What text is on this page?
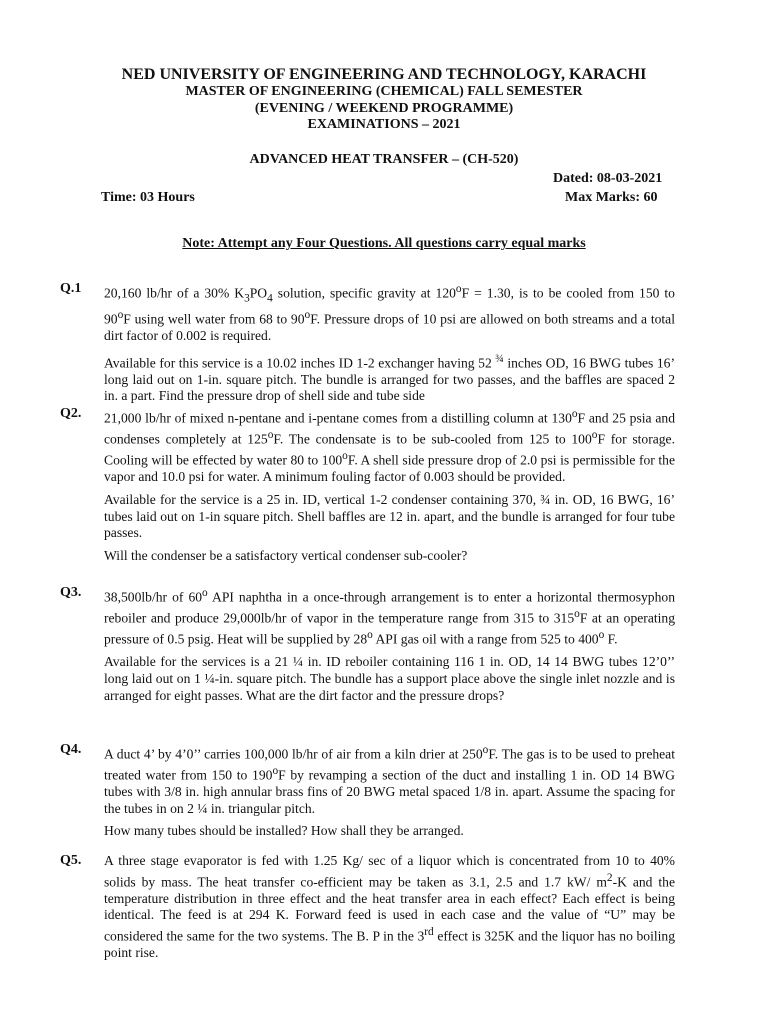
NED UNIVERSITY OF ENGINEERING AND TECHNOLOGY, KARACHI
MASTER OF ENGINEERING (CHEMICAL) FALL SEMESTER
(EVENING / WEEKEND PROGRAMME)
EXAMINATIONS – 2021
ADVANCED HEAT TRANSFER – (CH-520)
Dated: 08-03-2021
Time: 03 Hours	Max Marks: 60
Note: Attempt any Four Questions. All questions carry equal marks
Q.1 20,160 lb/hr of a 30% $K_3PO_4$ solution, specific gravity at $120^oF = 1.30$, is to be cooled from 150 to 90$^o$F using well water from 68 to 90$^o$F. Pressure drops of 10 psi are allowed on both streams and a total dirt factor of 0.002 is required.

Available for this service is a 10.02 inches ID 1-2 exchanger having 52 $^{\frac{3}{4}}$ inches OD, 16 BWG tubes 16’ long laid out on 1-in. square pitch. The bundle is arranged for two passes, and the baffles are spaced 2 in. a part. Find the pressure drop of shell side and tube side

Q2. 21,000 lb/hr of mixed n-pentane and i-pentane comes from a distilling column at 130$^o$F and 25 psia and condenses completely at 125$^o$F. The condensate is to be sub-cooled from 125 to 100$^o$F for storage. Cooling will be effected by water 80 to 100$^o$F. A shell side pressure drop of 2.0 psi is permissible for the vapor and 10.0 psi for water. A minimum fouling factor of 0.003 should be provided.

Available for the service is a 25 in. ID, vertical 1-2 condenser containing 370, ¾ in. OD, 16 BWG, 16’ tubes laid out on 1-in square pitch. Shell baffles are 12 in. apart, and the bundle is arranged for four tube passes.

Will the condenser be a satisfactory vertical condenser sub-cooler?

Q3. 38,500lb/hr of 60$^o$ API naphtha in a once-through arrangement is to enter a horizontal thermosyphon reboiler and produce 29,000lb/hr of vapor in the temperature range from 315 to 315$^o$F at an operating pressure of 0.5 psig. Heat will be supplied by 28$^o$ API gas oil with a range from 525 to 400$^o$ F.

Available for the services is a 21 ¼ in. ID reboiler containing 116 1 in. OD, 14 14 BWG tubes 12’0’’ long laid out on 1 ¼-in. square pitch. The bundle has a support place above the single inlet nozzle and is arranged for eight passes. What are the dirt factor and the pressure drops?

Q4. A duct 4’ by 4’0’’ carries 100,000 lb/hr of air from a kiln drier at 250$^o$F. The gas is to be used to preheat treated water from 150 to 190$^o$F by revamping a section of the duct and installing 1 in. OD 14 BWG tubes with 3/8 in. high annular brass fins of 20 BWG metal spaced 1/8 in. apart. Assume the spacing for the tubes in on 2 ¼ in. triangular pitch.

How many tubes should be installed? How shall they be arranged.

Q5. A three stage evaporator is fed with 1.25 Kg/ sec of a liquor which is concentrated from 10 to 40% solids by mass. The heat transfer co-efficient may be taken as 3.1, 2.5 and 1.7 kW/ $m^2-K$ and the temperature distribution in three effect and the heat transfer area in each effect? Each effect is being identical. The feed is at 294 K. Forward feed is used in each case and the value of “U” may be considered the same for the two systems. The B. P in the 3rd effect is 325K and the liquor has no boiling point rise.
